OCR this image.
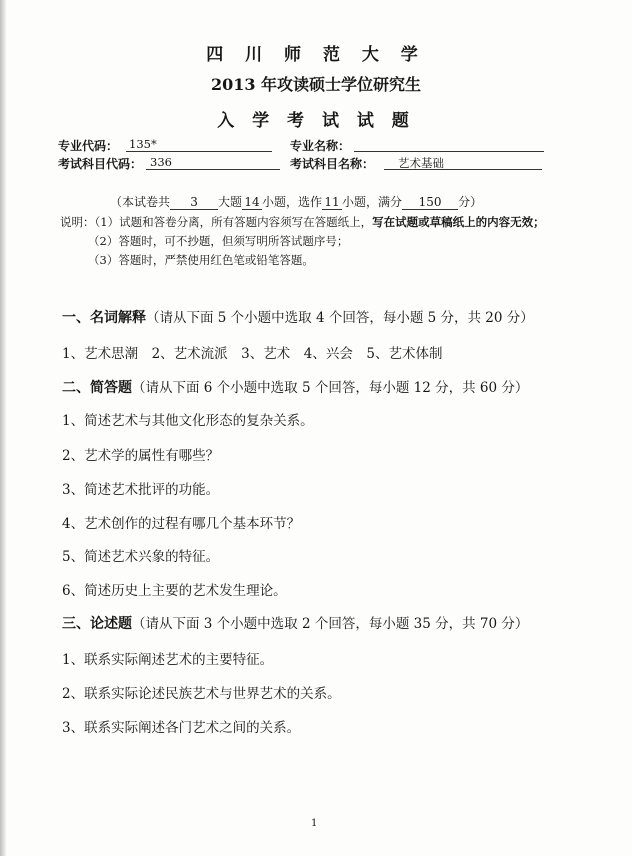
四 川 师 范 大 学
2013 年攻读硕士学位研究生
入 学 考 试 试 题
专业代码： 135*	专业名称：
考试科目代码： 336	考试科目名称： 艺术基础
（本试卷共 3 大题 14 小题，选作 11 小题，满分 150 分）
说明：（1）试题和答卷分离，所有答题内容须写在答题纸上，写在试题或草稿纸上的内容无效；
（2）答题时，可不抄题，但须写明所答试题序号；
（3）答题时，严禁使用红色笔或铅笔答题。
一、名词解释（请从下面 5 个小题中选取 4 个回答，每小题 5 分，共 20 分）
1、艺术思潮　2、艺术流派　3、艺术　4、兴会　5、艺术体制
二、简答题（请从下面 6 个小题中选取 5 个回答，每小题 12 分，共 60 分）
1、简述艺术与其他文化形态的复杂关系。
2、艺术学的属性有哪些？
3、简述艺术批评的功能。
4、艺术创作的过程有哪几个基本环节？
5、简述艺术兴象的特征。
6、简述历史上主要的艺术发生理论。
三、论述题（请从下面 3 个小题中选取 2 个回答，每小题 35 分，共 70 分）
1、联系实际阐述艺术的主要特征。
2、联系实际论述民族艺术与世界艺术的关系。
3、联系实际阐述各门艺术之间的关系。
1
